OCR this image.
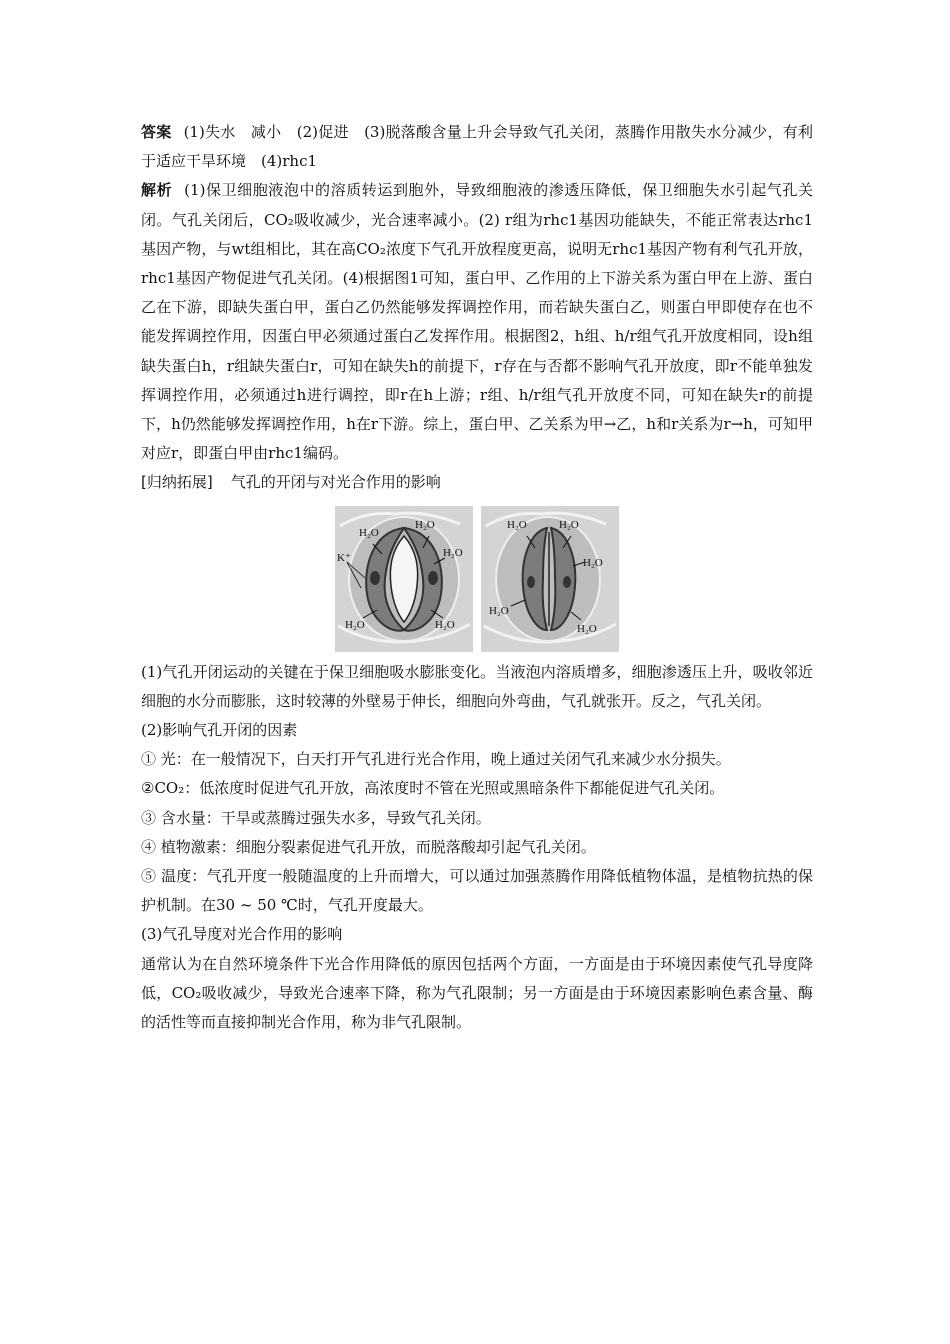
答案 (1)失水　减小　(2)促进　(3)脱落酸含量上升会导致气孔关闭，蒸腾作用散失水分减少，有利于适应干旱环境　(4)rhc1

解析 (1)保卫细胞液泡中的溶质转运到胞外，导致细胞液的渗透压降低，保卫细胞失水引起气孔关闭。气孔关闭后，CO₂吸收减少，光合速率减小。(2) r组为rhc1基因功能缺失，不能正常表达rhc1基因产物，与wt组相比，其在高CO₂浓度下气孔开放程度更高，说明无rhc1基因产物有利气孔开放，rhc1基因产物促进气孔关闭。(4)根据图1可知，蛋白甲、乙作用的上下游关系为蛋白甲在上游、蛋白乙在下游，即缺失蛋白甲，蛋白乙仍然能够发挥调控作用，而若缺失蛋白乙，则蛋白甲即使存在也不能发挥调控作用，因蛋白甲必须通过蛋白乙发挥作用。根据图2，h组、h/r组气孔开放度相同，设h组缺失蛋白h，r组缺失蛋白r，可知在缺失h的前提下，r存在与否都不影响气孔开放度，即r不能单独发挥调控作用，必须通过h进行调控，即r在h上游；r组、h/r组气孔开放度不同，可知在缺失r的前提下，h仍然能够发挥调控作用，h在r下游。综上，蛋白甲、乙关系为甲→乙，h和r关系为r→h，可知甲对应r，即蛋白甲由rhc1编码。

[归纳拓展] 气孔的开闭与对光合作用的影响

H₂O
H₂O
H₂O
H₂O	H₂O
K⁺
H₂O	H₂O
H₂O
H₂O
H₂O

(1)气孔开闭运动的关键在于保卫细胞吸水膨胀变化。当液泡内溶质增多，细胞渗透压上升，吸收邻近细胞的水分而膨胀，这时较薄的外壁易于伸长，细胞向外弯曲，气孔就张开。反之，气孔关闭。

(2)影响气孔开闭的因素

① 光：在一般情况下，白天打开气孔进行光合作用，晚上通过关闭气孔来减少水分损失。

②CO₂：低浓度时促进气孔开放，高浓度时不管在光照或黑暗条件下都能促进气孔关闭。

③ 含水量：干旱或蒸腾过强失水多，导致气孔关闭。

④ 植物激素：细胞分裂素促进气孔开放，而脱落酸却引起气孔关闭。

⑤ 温度：气孔开度一般随温度的上升而增大，可以通过加强蒸腾作用降低植物体温，是植物抗热的保护机制。在30 ~ 50 ℃时，气孔开度最大。

(3)气孔导度对光合作用的影响

通常认为在自然环境条件下光合作用降低的原因包括两个方面，一方面是由于环境因素使气孔导度降低，CO₂吸收减少，导致光合速率下降，称为气孔限制；另一方面是由于环境因素影响色素含量、酶的活性等而直接抑制光合作用，称为非气孔限制。
